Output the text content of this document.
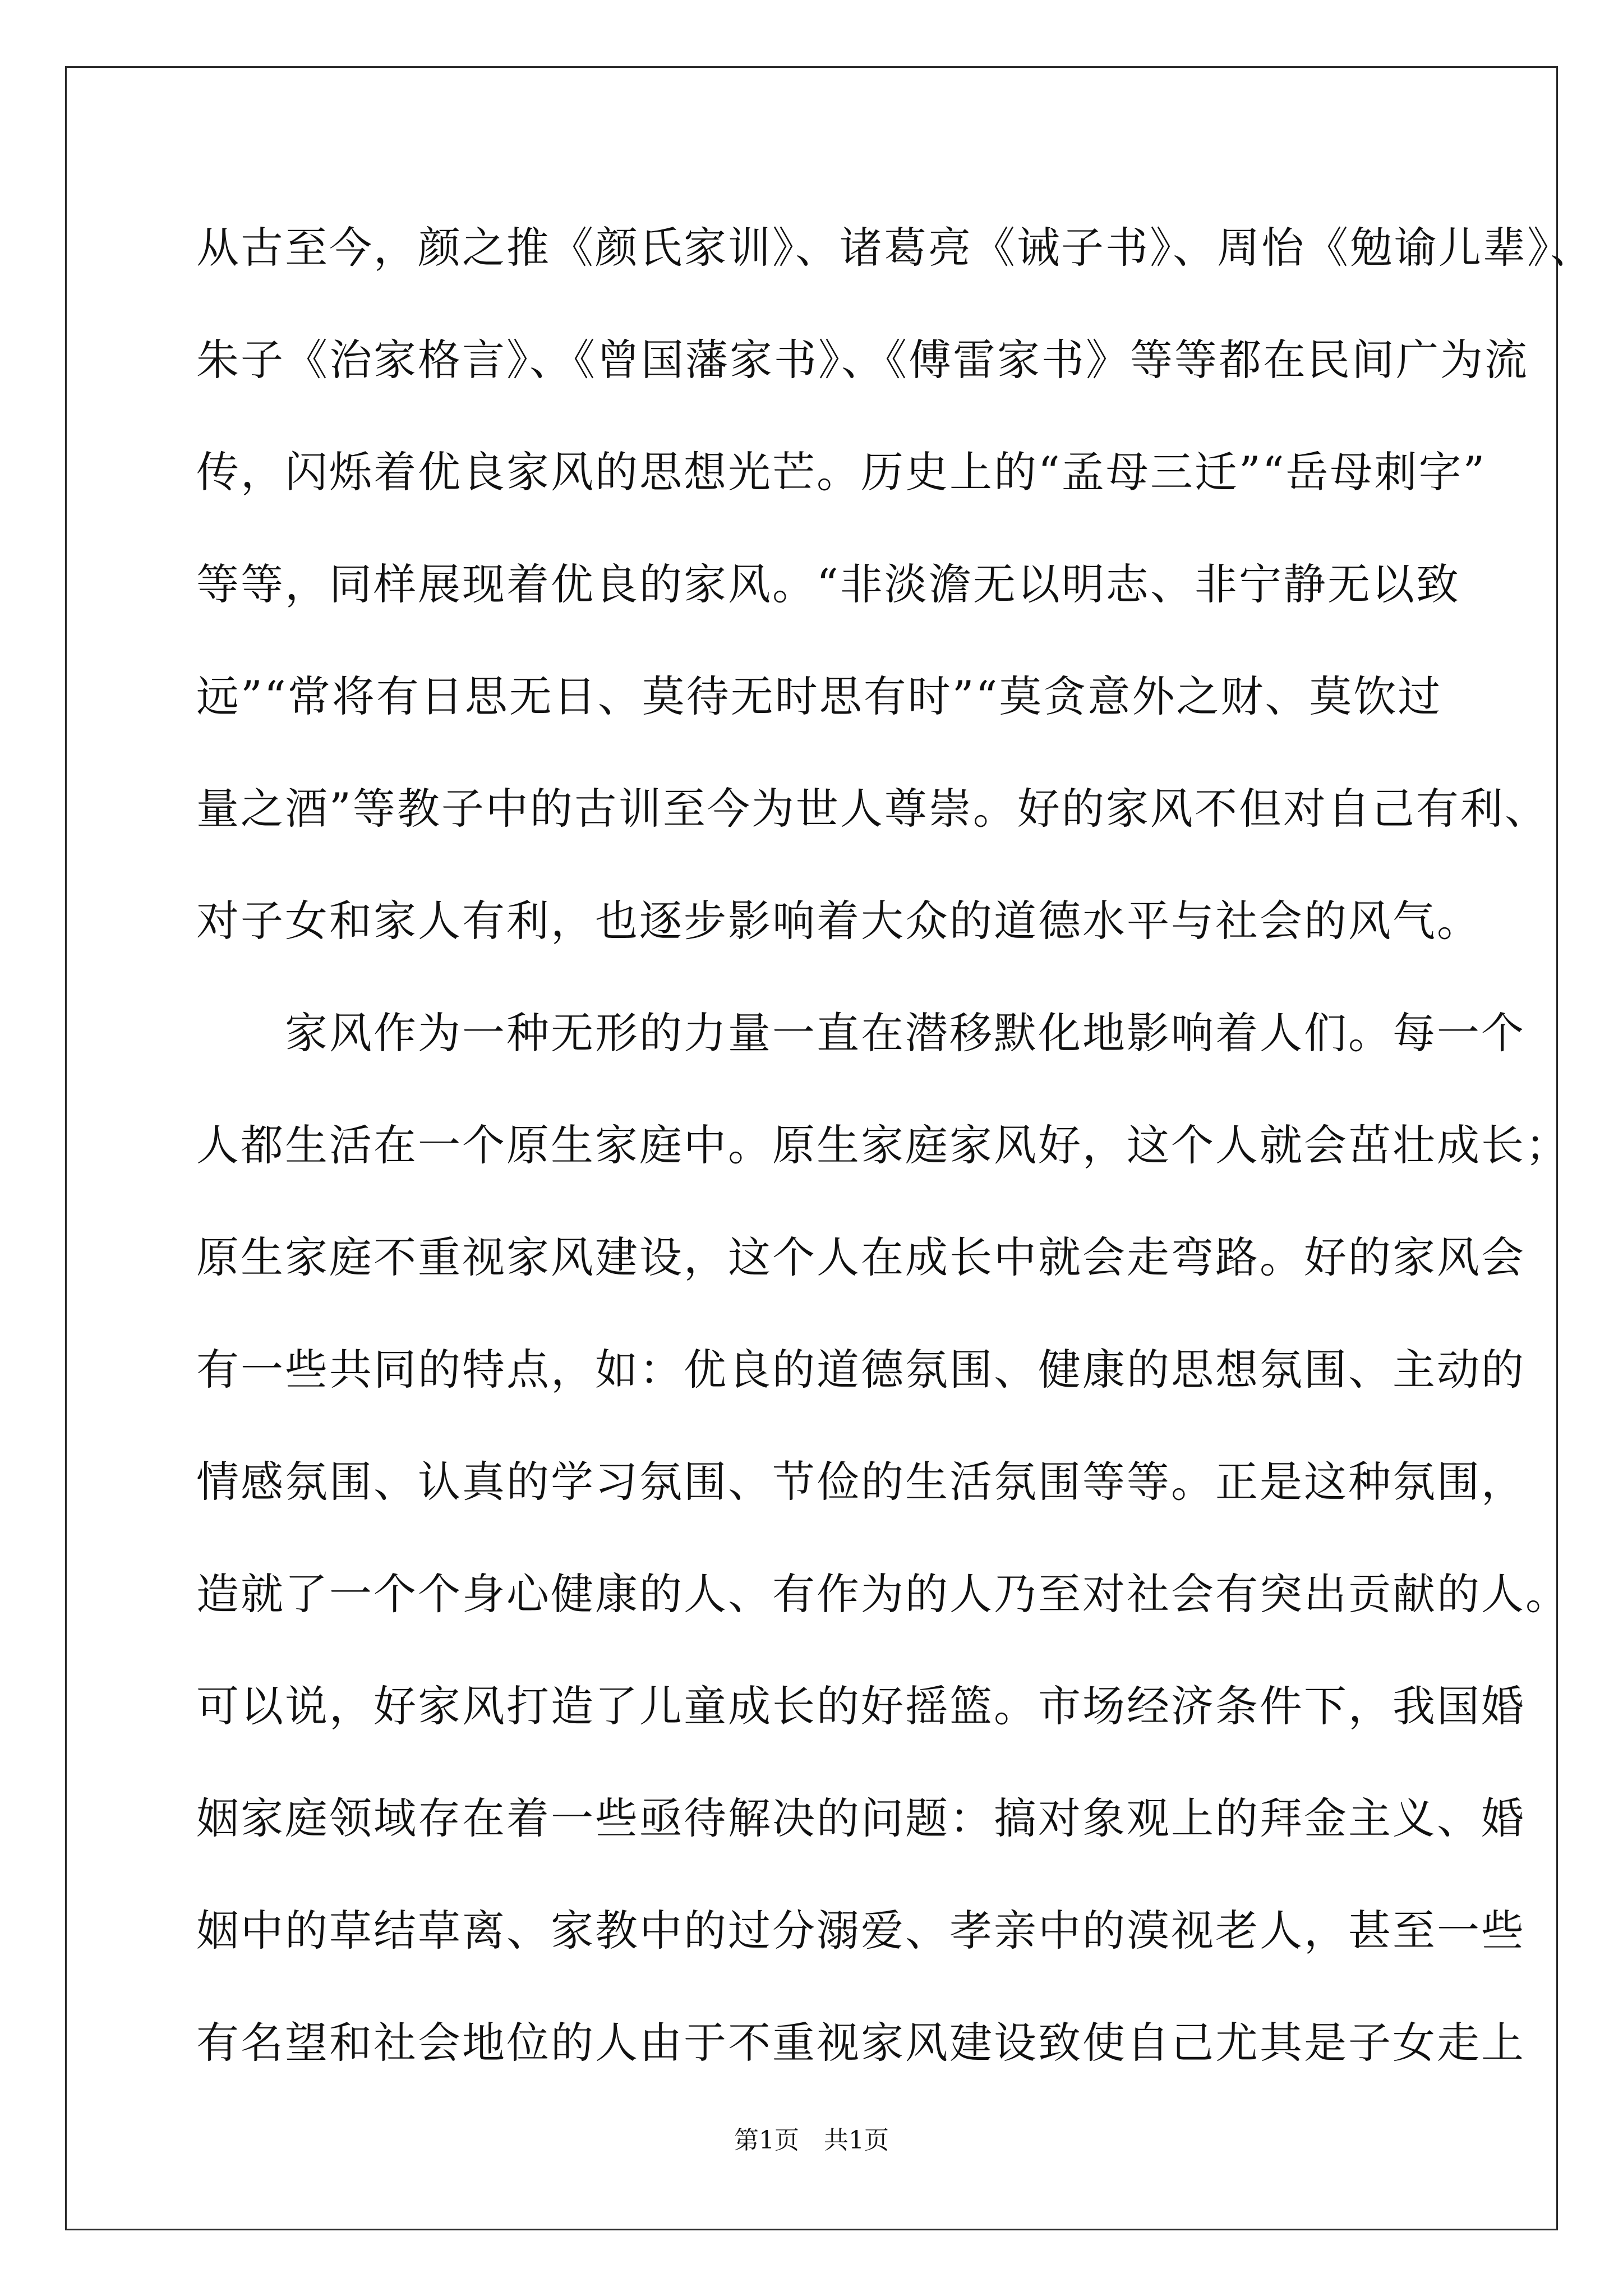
从古至今，颜之推《颜氏家训》、诸葛亮《诫子书》、周怡《勉谕儿辈》、
朱子《治家格言》、《曾国藩家书》、《傅雷家书》等等都在民间广为流
传，闪烁着优良家风的思想光芒。历史上的“孟母三迁”“岳母刺字”
等等，同样展现着优良的家风。“非淡澹无以明志、非宁静无以致
远”“常将有日思无日、莫待无时思有时”“莫贪意外之财、莫饮过
量之酒”等教子中的古训至今为世人尊崇。好的家风不但对自己有利、
对子女和家人有利，也逐步影响着大众的道德水平与社会的风气。
　　家风作为一种无形的力量一直在潜移默化地影响着人们。每一个
人都生活在一个原生家庭中。原生家庭家风好，这个人就会茁壮成长；
原生家庭不重视家风建设，这个人在成长中就会走弯路。好的家风会
有一些共同的特点，如：优良的道德氛围、健康的思想氛围、主动的
情感氛围、认真的学习氛围、节俭的生活氛围等等。正是这种氛围，
造就了一个个身心健康的人、有作为的人乃至对社会有突出贡献的人。
可以说，好家风打造了儿童成长的好摇篮。市场经济条件下，我国婚
姻家庭领域存在着一些亟待解决的问题：搞对象观上的拜金主义、婚
姻中的草结草离、家教中的过分溺爱、孝亲中的漠视老人，甚至一些
有名望和社会地位的人由于不重视家风建设致使自己尤其是子女走上
第1页　共1页
